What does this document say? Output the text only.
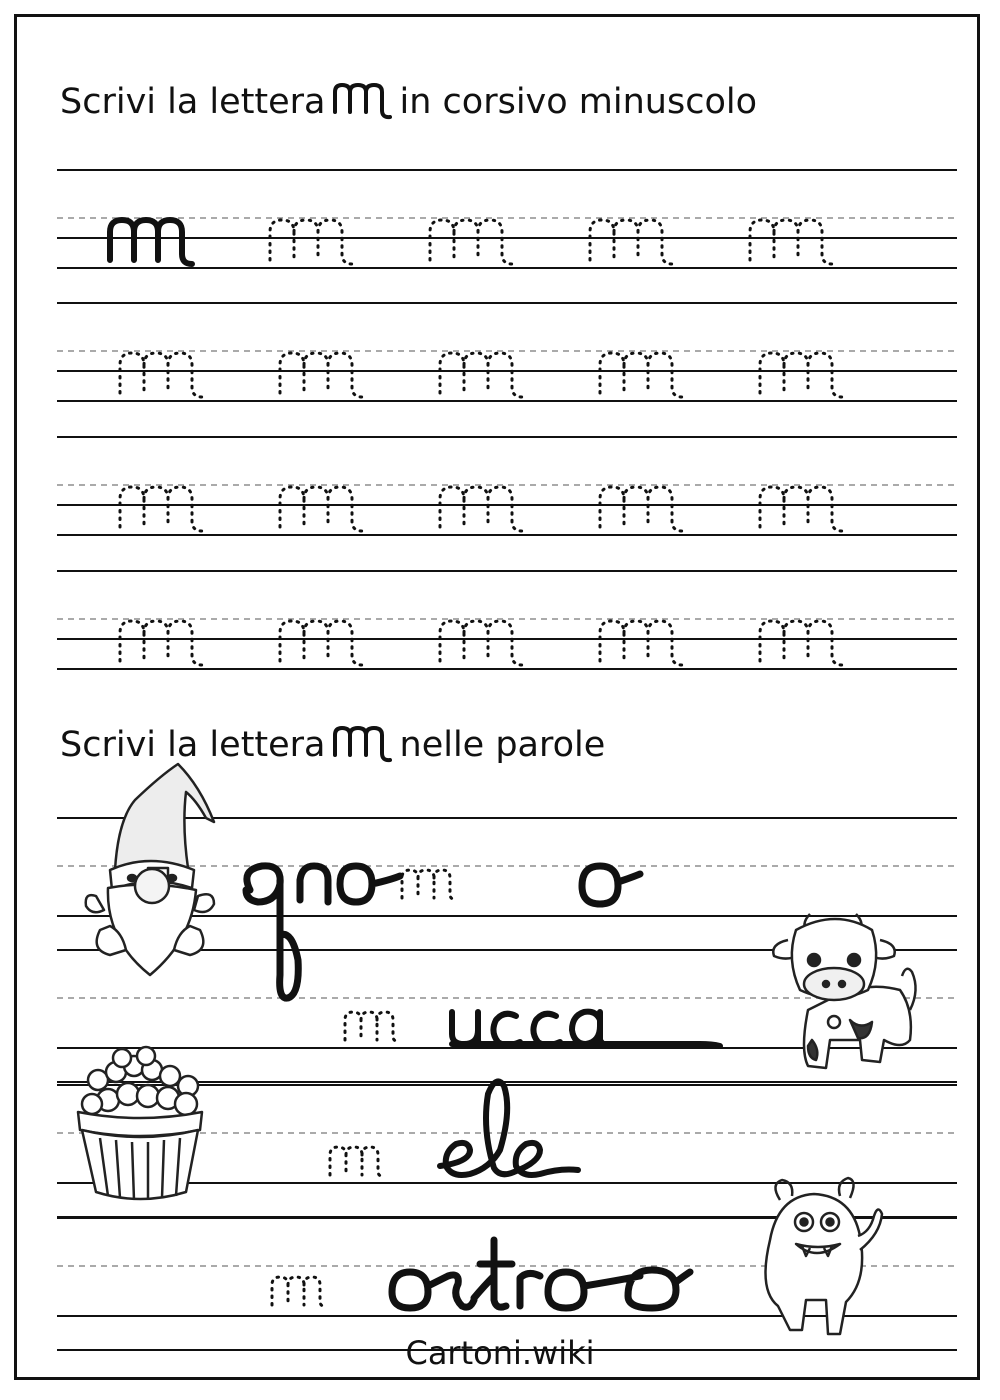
Scrivi la lettera in corsivo minuscolo
Scrivi la lettera nelle parole
Cartoni.wiki
